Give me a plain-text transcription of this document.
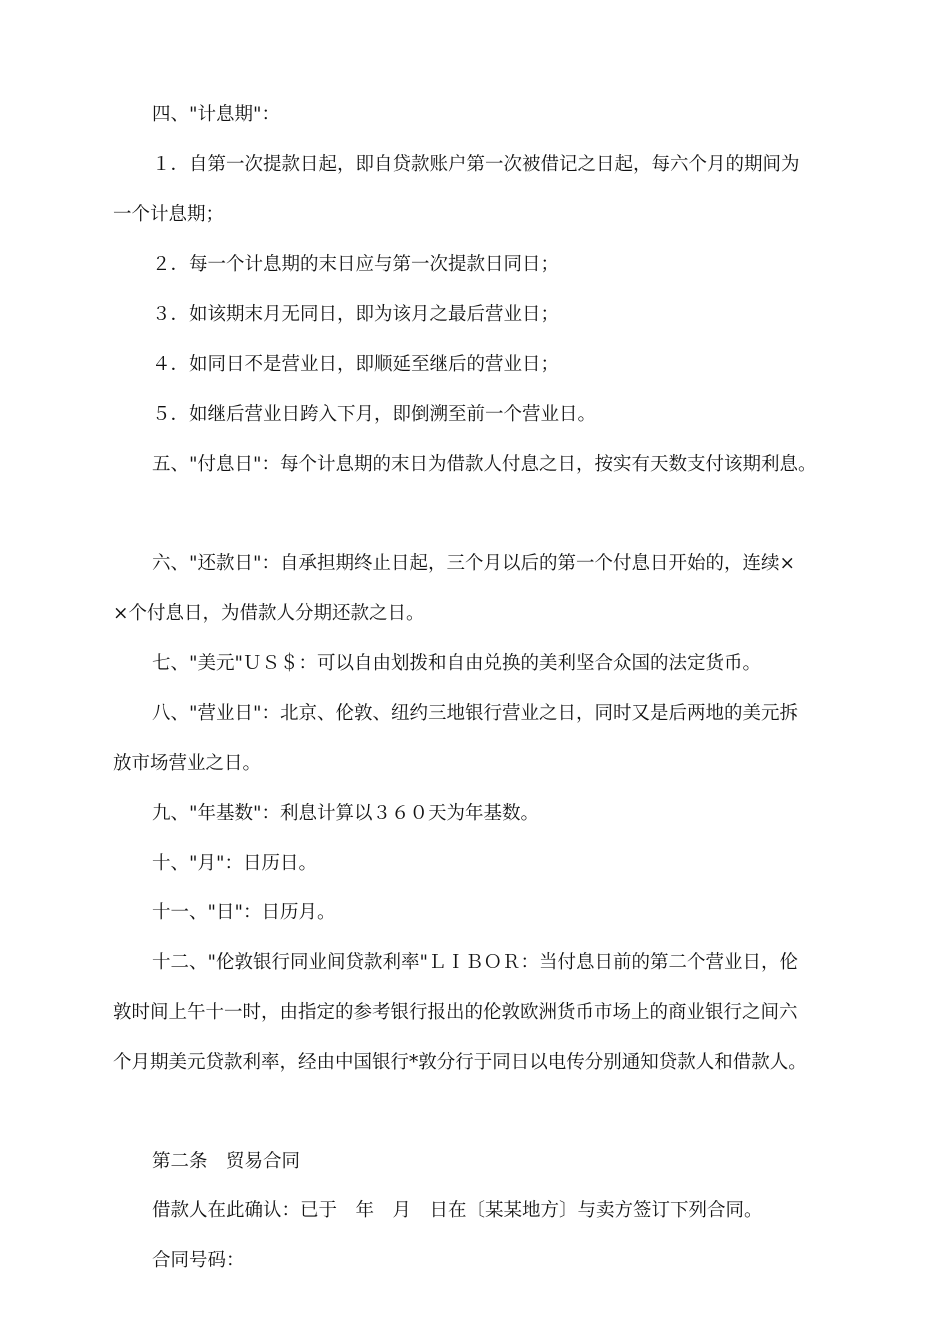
四、"计息期"：
１．自第一次提款日起，即自贷款账户第一次被借记之日起，每六个月的期间为
一个计息期；
２．每一个计息期的末日应与第一次提款日同日；
３．如该期末月无同日，即为该月之最后营业日；
４．如同日不是营业日，即顺延至继后的营业日；
５．如继后营业日跨入下月，即倒溯至前一个营业日。
五、"付息日"：每个计息期的末日为借款人付息之日，按实有天数支付该期利息。
六、"还款日"：自承担期终止日起，三个月以后的第一个付息日开始的，连续×
×个付息日，为借款人分期还款之日。
七、"美元"ＵＳ＄：可以自由划拨和自由兑换的美利坚合众国的法定货币。
八、"营业日"：北京、伦敦、纽约三地银行营业之日，同时又是后两地的美元拆
放市场营业之日。
九、"年基数"：利息计算以３６０天为年基数。
十、"月"：日历日。
十一、"日"：日历月。
十二、"伦敦银行同业间贷款利率"ＬＩＢＯＲ：当付息日前的第二个营业日，伦
敦时间上午十一时，由指定的参考银行报出的伦敦欧洲货币市场上的商业银行之间六
个月期美元贷款利率，经由中国银行*敦分行于同日以电传分别通知贷款人和借款人。
第二条　贸易合同
借款人在此确认：已于　年　月　日在〔某某地方〕与卖方签订下列合同。
合同号码：
